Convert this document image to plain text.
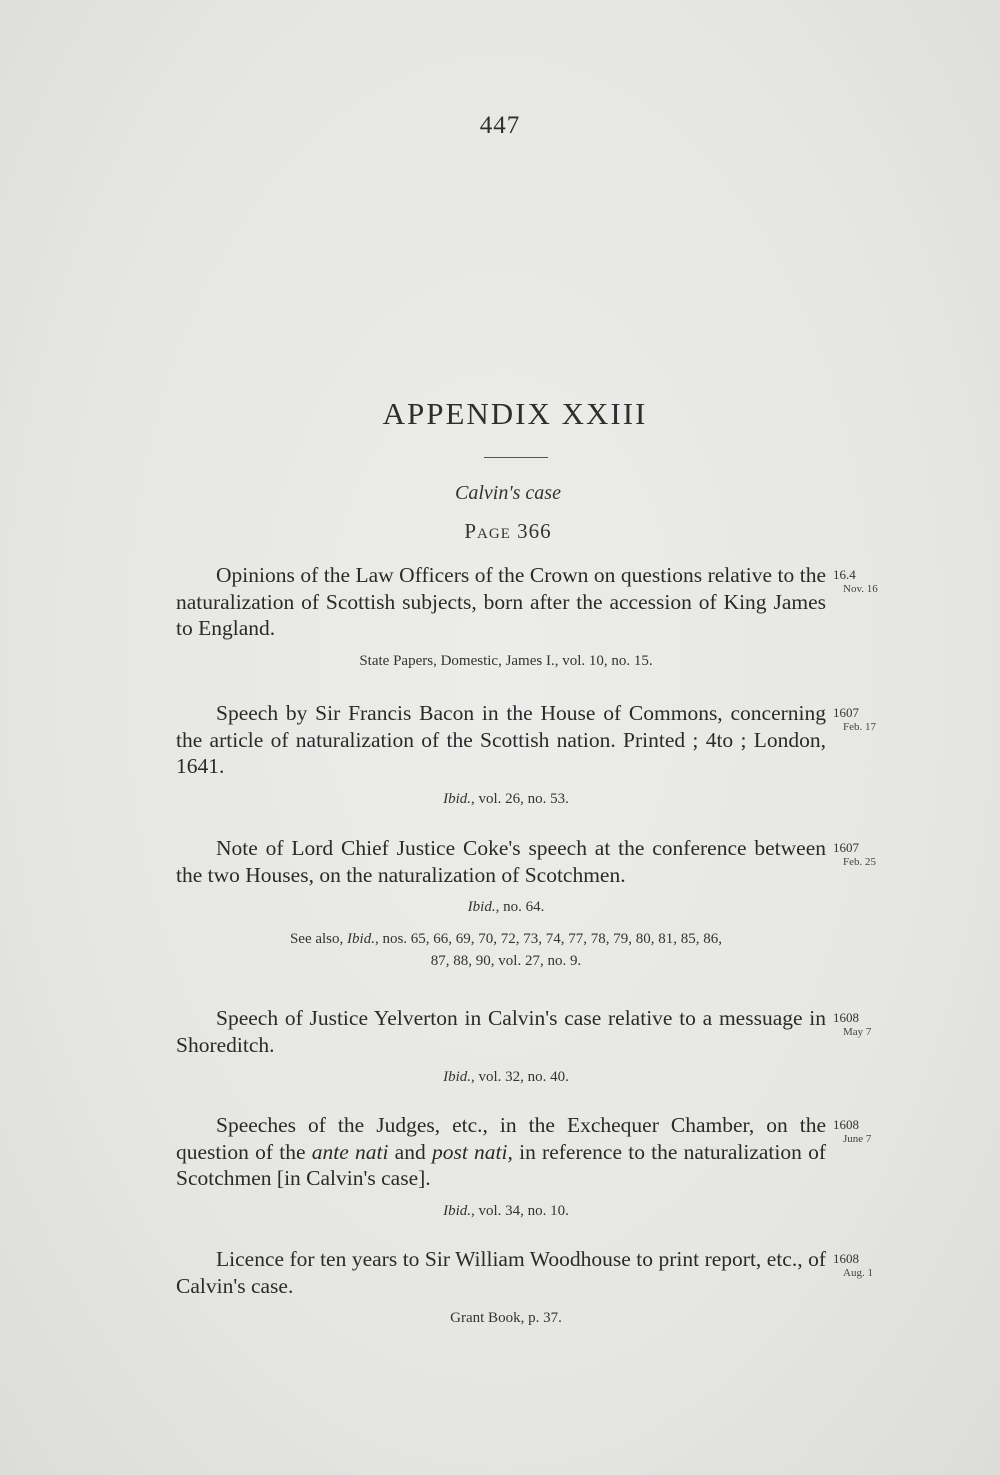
447
APPENDIX XXIII
Calvin's case
Page 366

Opinions of the Law Officers of the Crown on questions relative to the naturalization of Scottish subjects, born after the accession of King James to England.

State Papers, Domestic, James I., vol. 10, no. 15.
16.4
Nov. 16

Speech by Sir Francis Bacon in the House of Commons, concerning the article of naturalization of the Scottish nation. Printed ; 4to ; London, 1641.

Ibid., vol. 26, no. 53.
1607
Feb. 17

Note of Lord Chief Justice Coke's speech at the conference between the two Houses, on the naturalization of Scotchmen.

Ibid., no. 64.
See also, Ibid., nos. 65, 66, 69, 70, 72, 73, 74, 77, 78, 79, 80, 81, 85, 86,
87, 88, 90, vol. 27, no. 9.
1607
Feb. 25

Speech of Justice Yelverton in Calvin's case relative to a messuage in Shoreditch.

Ibid., vol. 32, no. 40.
1608
May 7

Speeches of the Judges, etc., in the Exchequer Chamber, on the question of the ante nati and post nati, in reference to the naturalization of Scotchmen [in Calvin's case].

Ibid., vol. 34, no. 10.
1608
June 7

Licence for ten years to Sir William Woodhouse to print report, etc., of Calvin's case.

Grant Book, p. 37.
1608
Aug. 1
